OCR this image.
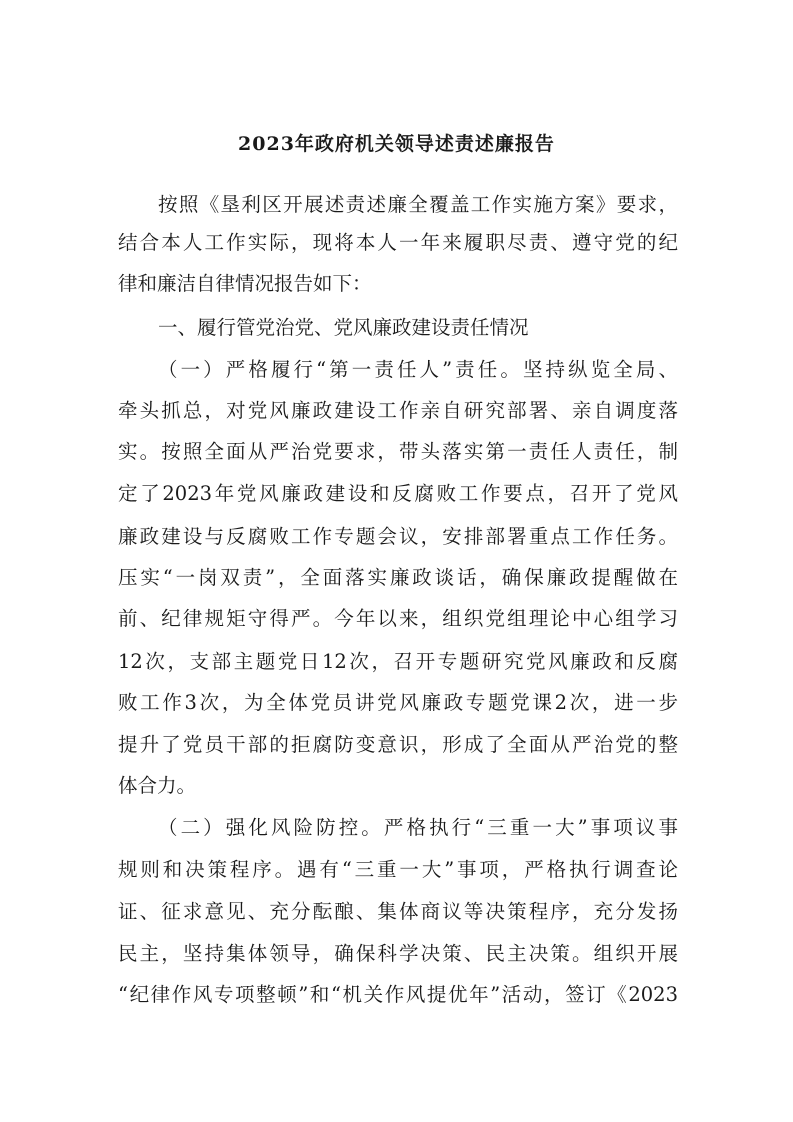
2023年政府机关领导述责述廉报告

按照《垦利区开展述责述廉全覆盖工作实施方案》要求，

结合本人工作实际，现将本人一年来履职尽责、遵守党的纪

律和廉洁自律情况报告如下：

一、履行管党治党、党风廉政建设责任情况

（一）严格履行“第一责任人”责任。坚持纵览全局、

牵头抓总，对党风廉政建设工作亲自研究部署、亲自调度落

实。按照全面从严治党要求，带头落实第一责任人责任，制

定了2023年党风廉政建设和反腐败工作要点，召开了党风

廉政建设与反腐败工作专题会议，安排部署重点工作任务。

压实“一岗双责”，全面落实廉政谈话，确保廉政提醒做在

前、纪律规矩守得严。今年以来，组织党组理论中心组学习

12次，支部主题党日12次，召开专题研究党风廉政和反腐

败工作3次，为全体党员讲党风廉政专题党课2次，进一步

提升了党员干部的拒腐防变意识，形成了全面从严治党的整

体合力。

（二）强化风险防控。严格执行“三重一大”事项议事

规则和决策程序。遇有“三重一大”事项，严格执行调查论

证、征求意见、充分酝酿、集体商议等决策程序，充分发扬

民主，坚持集体领导，确保科学决策、民主决策。组织开展

“纪律作风专项整顿”和“机关作风提优年”活动，签订《2023
